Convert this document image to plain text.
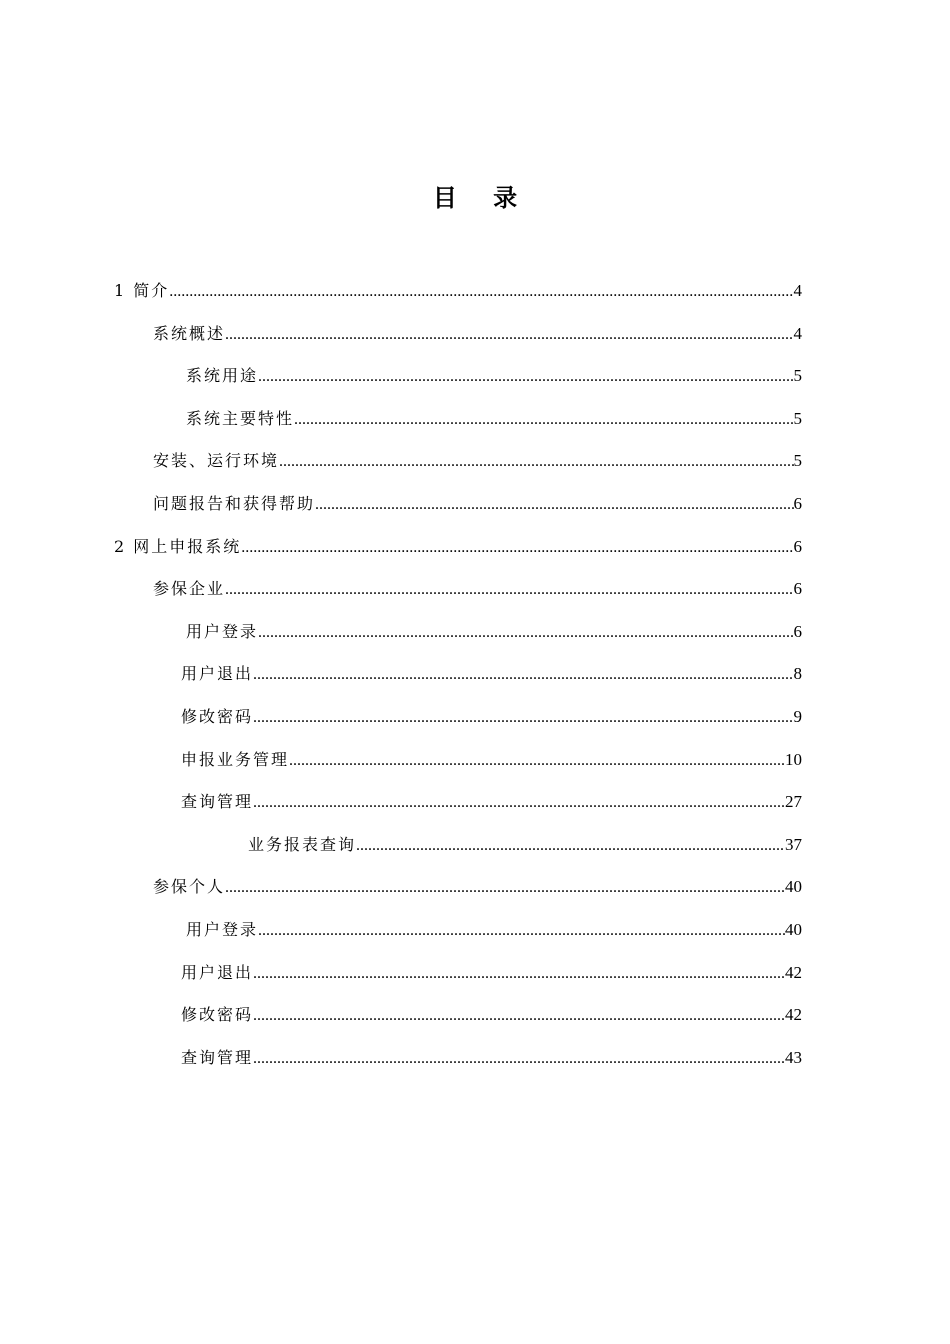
目 录
1 简介 .....	4
系统概述 .....	4
系统用途 .....	5
系统主要特性 .....	5
安装、运行环境 .....	5
问题报告和获得帮助 .....	6
2 网上申报系统 .....	6
参保企业 .....	6
用户登录 .....	6
用户退出 .....	8
修改密码 .....	9
申报业务管理 .....	10
查询管理 .....	27
业务报表查询 .....	37
参保个人 .....	40
用户登录 .....	40
用户退出 .....	42
修改密码 .....	42
查询管理 .....	43
